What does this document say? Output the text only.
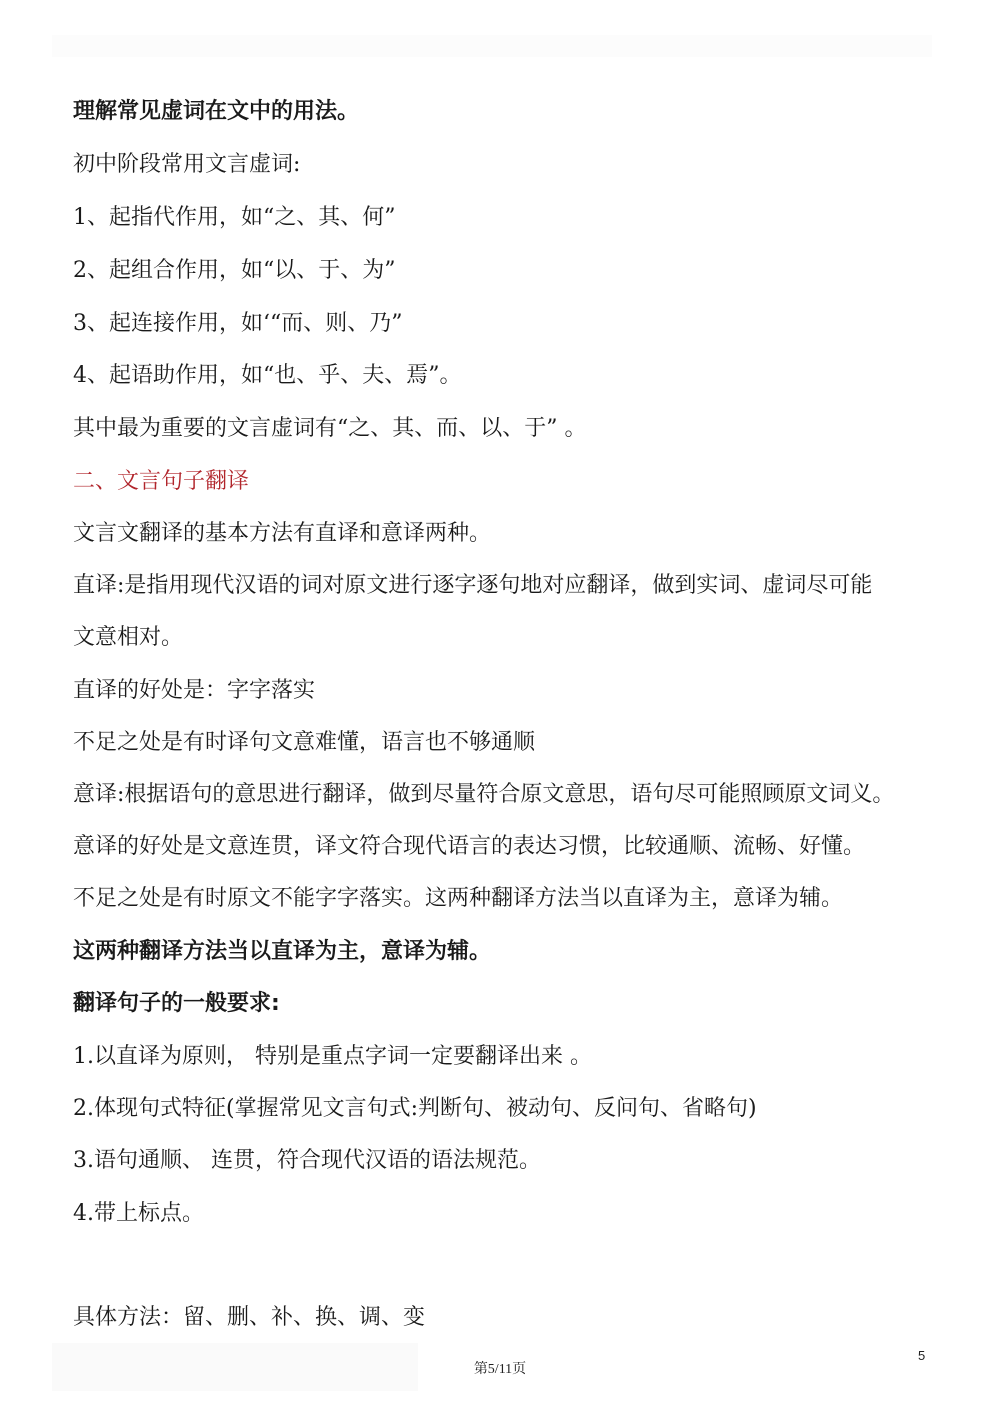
理解常见虚词在文中的用法。
初中阶段常用文言虚词:
1、起指代作用，如“之、其、何”
2、起组合作用，如“以、于、为”
3、起连接作用，如‘“而、则、乃”
4、起语助作用，如“也、乎、夫、焉”。
其中最为重要的文言虚词有“之、其、而、以、于” 。
二、文言句子翻译
文言文翻译的基本方法有直译和意译两种。
直译:是指用现代汉语的词对原文进行逐字逐句地对应翻译，做到实词、虚词尽可能
文意相对。
直译的好处是：字字落实
不足之处是有时译句文意难懂，语言也不够通顺
意译:根据语句的意思进行翻译，做到尽量符合原文意思，语句尽可能照顾原文词义。
意译的好处是文意连贯，译文符合现代语言的表达习惯，比较通顺、流畅、好懂。
不足之处是有时原文不能字字落实。这两种翻译方法当以直译为主，意译为辅。
这两种翻译方法当以直译为主，意译为辅。
翻译句子的一般要求:
1.以直译为原则， 特别是重点字词一定要翻译出来 。
2.体现句式特征(掌握常见文言句式:判断句、被动句、反问句、省略句)
3.语句通顺、 连贯，符合现代汉语的语法规范。
4.带上标点。
具体方法：留、删、补、换、调、变
5
第5/11页
